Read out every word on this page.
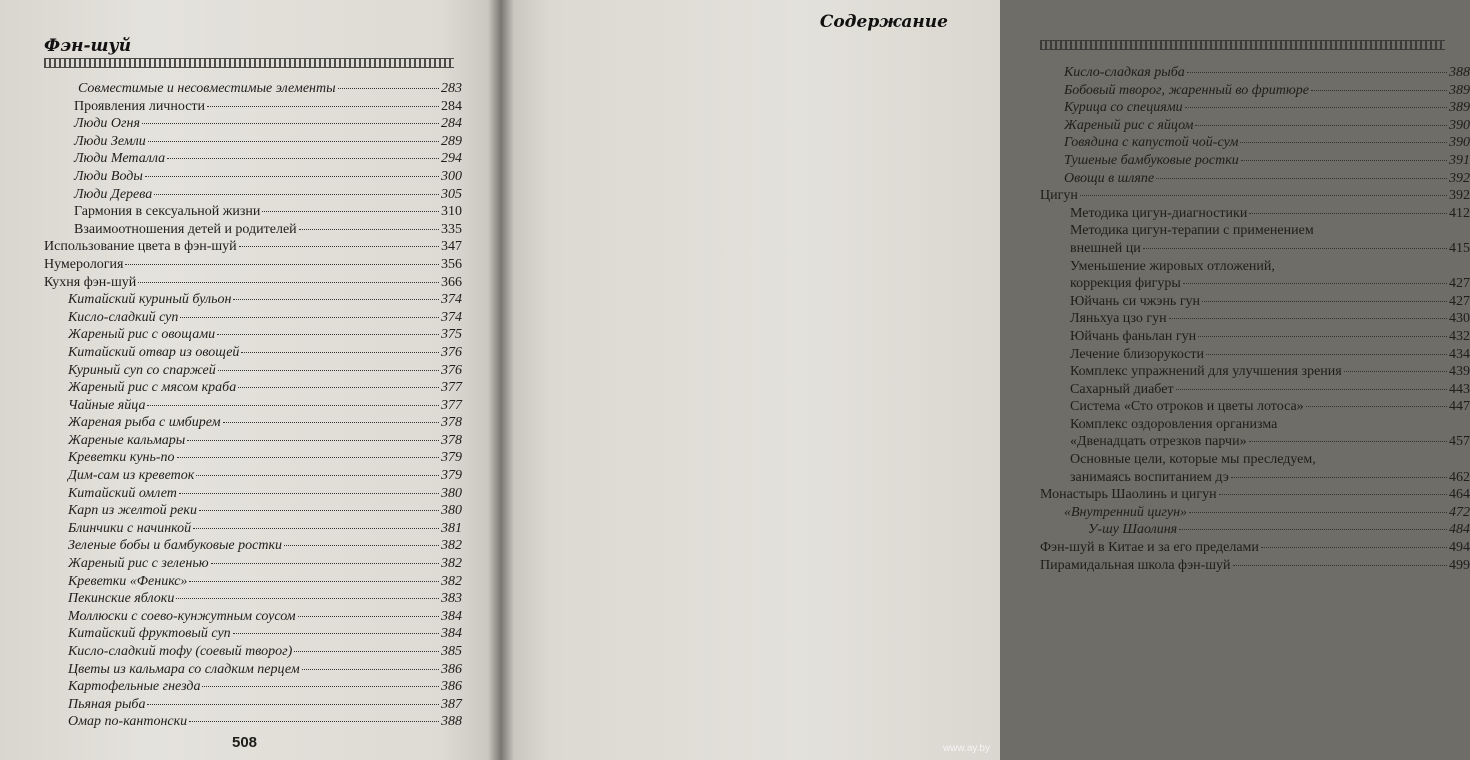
Фэн-шуй
Совместимые и несовместимые элементы	283
Проявления личности	284
Люди Огня	284
Люди Земли	289
Люди Металла	294
Люди Воды	300
Люди Дерева	305
Гармония в сексуальной жизни	310
Взаимоотношения детей и родителей	335
Использование цвета в фэн-шуй	347
Нумерология	356
Кухня фэн-шуй	366
Китайский куриный бульон	374
Кисло-сладкий суп	374
Жареный рис с овощами	375
Китайский отвар из овощей	376
Куриный суп со спаржей	376
Жареный рис с мясом краба	377
Чайные яйца	377
Жареная рыба с имбирем	378
Жареные кальмары	378
Креветки кунь-по	379
Дим-сам из креветок	379
Китайский омлет	380
Карп из желтой реки	380
Блинчики с начинкой	381
Зеленые бобы и бамбуковые ростки	382
Жареный рис с зеленью	382
Креветки «Феникс»	382
Пекинские яблоки	383
Моллюски с соево-кунжутным соусом	384
Китайский фруктовый суп	384
Кисло-сладкий тофу (соевый творог)	385
Цветы из кальмара со сладким перцем	386
Картофельные гнезда	386
Пьяная рыба	387
Омар по-кантонски	388
508
Содержание
Кисло-сладкая рыба	388
Бобовый творог, жаренный во фритюре	389
Курица со специями	389
Жареный рис с яйцом	390
Говядина с капустой чой-сум	390
Тушеные бамбуковые ростки	391
Овощи в шляпе	392
Цигун	392
Методика цигун-диагностики	412
Методика цигун-терапии с применением
внешней ци	415
Уменьшение жировых отложений,
коррекция фигуры	427
Юйчань си чжэнь гун	427
Ляньхуа цзо гун	430
Юйчань фаньлан гун	432
Лечение близорукости	434
Комплекс упражнений для улучшения зрения	439
Сахарный диабет	443
Система «Сто отроков и цветы лотоса»	447
Комплекс оздоровления организма
«Двенадцать отрезков парчи»	457
Основные цели, которые мы преследуем,
занимаясь воспитанием дэ	462
Монастырь Шаолинь и цигун	464
«Внутренний цигун»	472
У-шу Шаолиня	484
Фэн-шуй в Китае и за его пределами	494
Пирамидальная школа фэн-шуй	499
www.ay.by
